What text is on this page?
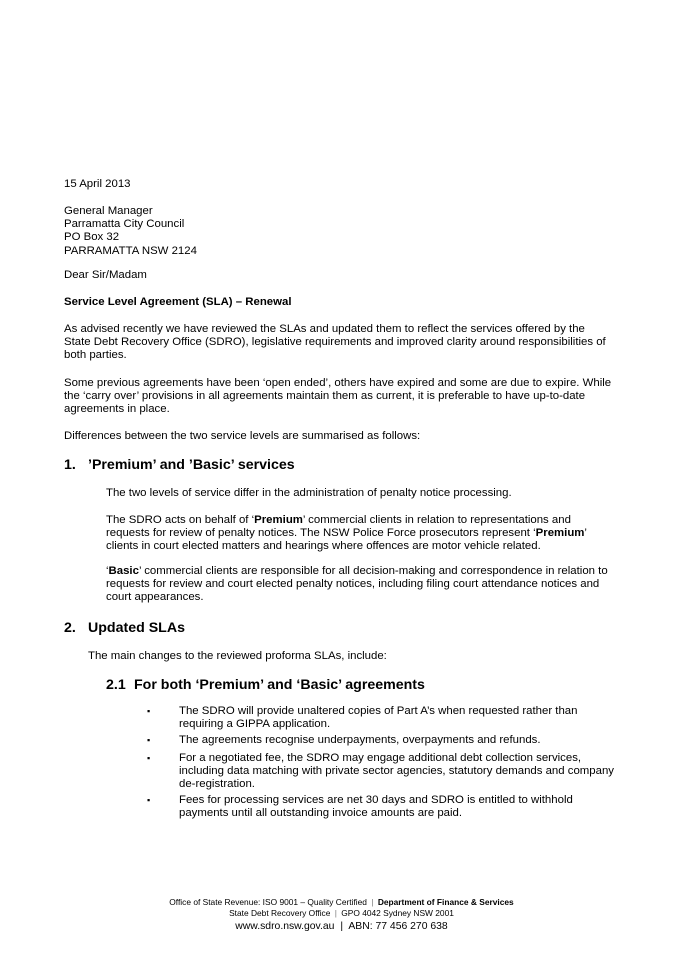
15 April 2013
General Manager
Parramatta City Council
PO Box 32
PARRAMATTA NSW 2124
Dear Sir/Madam
Service Level Agreement (SLA) – Renewal
As advised recently we have reviewed the SLAs and updated them to reflect the services offered by the
State Debt Recovery Office (SDRO), legislative requirements and improved clarity around responsibilities of
both parties.
Some previous agreements have been ‘open ended’, others have expired and some are due to expire. While
the ‘carry over’ provisions in all agreements maintain them as current, it is preferable to have up-to-date
agreements in place.
Differences between the two service levels are summarised as follows:
1. ’Premium’ and ’Basic’ services
The two levels of service differ in the administration of penalty notice processing.
The SDRO acts on behalf of ‘Premium’ commercial clients in relation to representations and
requests for review of penalty notices. The NSW Police Force prosecutors represent ‘Premium’
clients in court elected matters and hearings where offences are motor vehicle related.
‘Basic’ commercial clients are responsible for all decision-making and correspondence in relation to
requests for review and court elected penalty notices, including filing court attendance notices and
court appearances.
2. Updated SLAs
The main changes to the reviewed proforma SLAs, include:
2.1 For both ‘Premium’ and ‘Basic’ agreements
▪	The SDRO will provide unaltered copies of Part A’s when requested rather than
requiring a GIPPA application.
▪	The agreements recognise underpayments, overpayments and refunds.
▪	For a negotiated fee, the SDRO may engage additional debt collection services,
including data matching with private sector agencies, statutory demands and company
de-registration.
▪	Fees for processing services are net 30 days and SDRO is entitled to withhold
payments until all outstanding invoice amounts are paid.
Office of State Revenue: ISO 9001 – Quality Certified | Department of Finance & Services
State Debt Recovery Office | GPO 4042 Sydney NSW 2001
www.sdro.nsw.gov.au | ABN: 77 456 270 638
